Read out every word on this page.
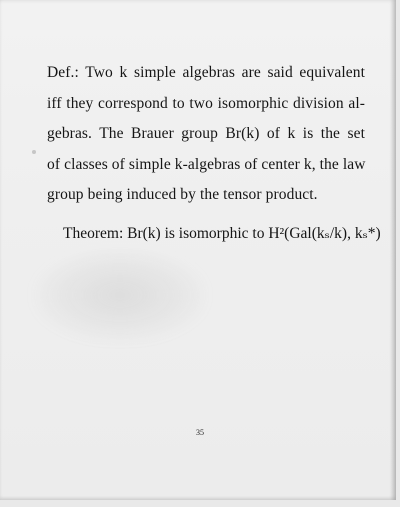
Def.: Two k simple algebras are said equivalent
iff they correspond to two isomorphic division al-
gebras. The Brauer group Br(k) of k is the set
of classes of simple k-algebras of center k, the law
group being induced by the tensor product.
Theorem: Br(k) is isomorphic to H²(Gal(kₛ/k), kₛ*)
35
